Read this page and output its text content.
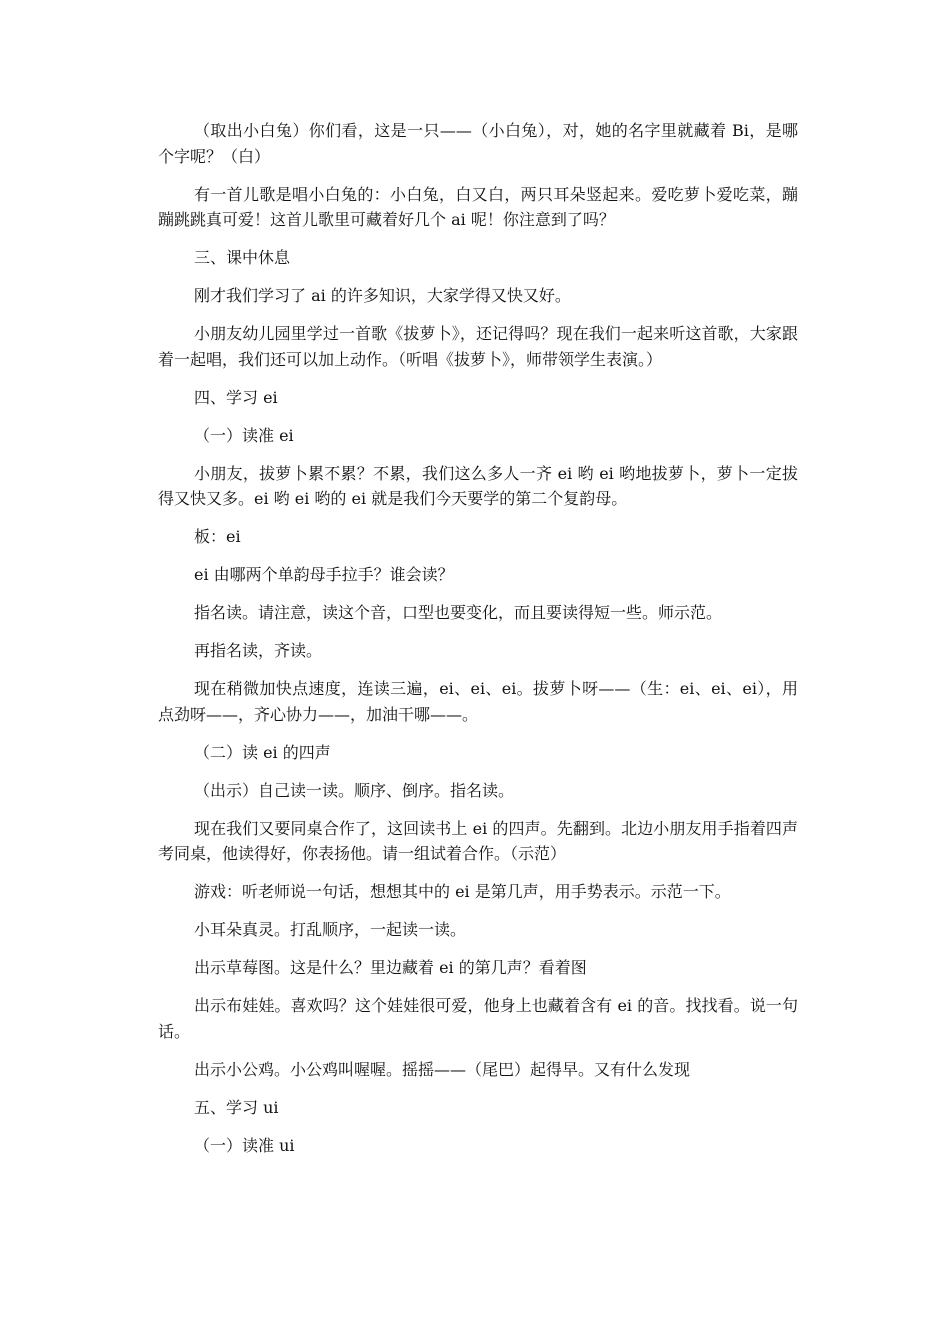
（取出小白兔）你们看，这是一只——（小白兔），对，她的名字里就藏着 Bi，是哪个字呢？（白）

有一首儿歌是唱小白兔的：小白兔，白又白，两只耳朵竖起来。爱吃萝卜爱吃菜，蹦蹦跳跳真可爱！这首儿歌里可藏着好几个 ai 呢！你注意到了吗？

三、课中休息

刚才我们学习了 ai 的许多知识，大家学得又快又好。

小朋友幼儿园里学过一首歌《拔萝卜》，还记得吗？现在我们一起来听这首歌，大家跟着一起唱，我们还可以加上动作。（听唱《拔萝卜》，师带领学生表演。）

四、学习 ei

（一）读准 ei

小朋友，拔萝卜累不累？不累，我们这么多人一齐 ei 哟 ei 哟地拔萝卜，萝卜一定拔得又快又多。ei 哟 ei 哟的 ei 就是我们今天要学的第二个复韵母。

板：ei

ei 由哪两个单韵母手拉手？谁会读？

指名读。请注意，读这个音，口型也要变化，而且要读得短一些。师示范。

再指名读，齐读。

现在稍微加快点速度，连读三遍，ei、ei、ei。拔萝卜呀——（生：ei、ei、ei），用点劲呀——，齐心协力——，加油干哪——。

（二）读 ei 的四声

（出示）自己读一读。顺序、倒序。指名读。

现在我们又要同桌合作了，这回读书上 ei 的四声。先翻到。北边小朋友用手指着四声考同桌，他读得好，你表扬他。请一组试着合作。（示范）

游戏：听老师说一句话，想想其中的 ei 是第几声，用手势表示。示范一下。

小耳朵真灵。打乱顺序，一起读一读。

出示草莓图。这是什么？里边藏着 ei 的第几声？看着图

出示布娃娃。喜欢吗？这个娃娃很可爱，他身上也藏着含有 ei 的音。找找看。说一句话。

出示小公鸡。小公鸡叫喔喔。摇摇——（尾巴）起得早。又有什么发现

五、学习 ui

（一）读准 ui
